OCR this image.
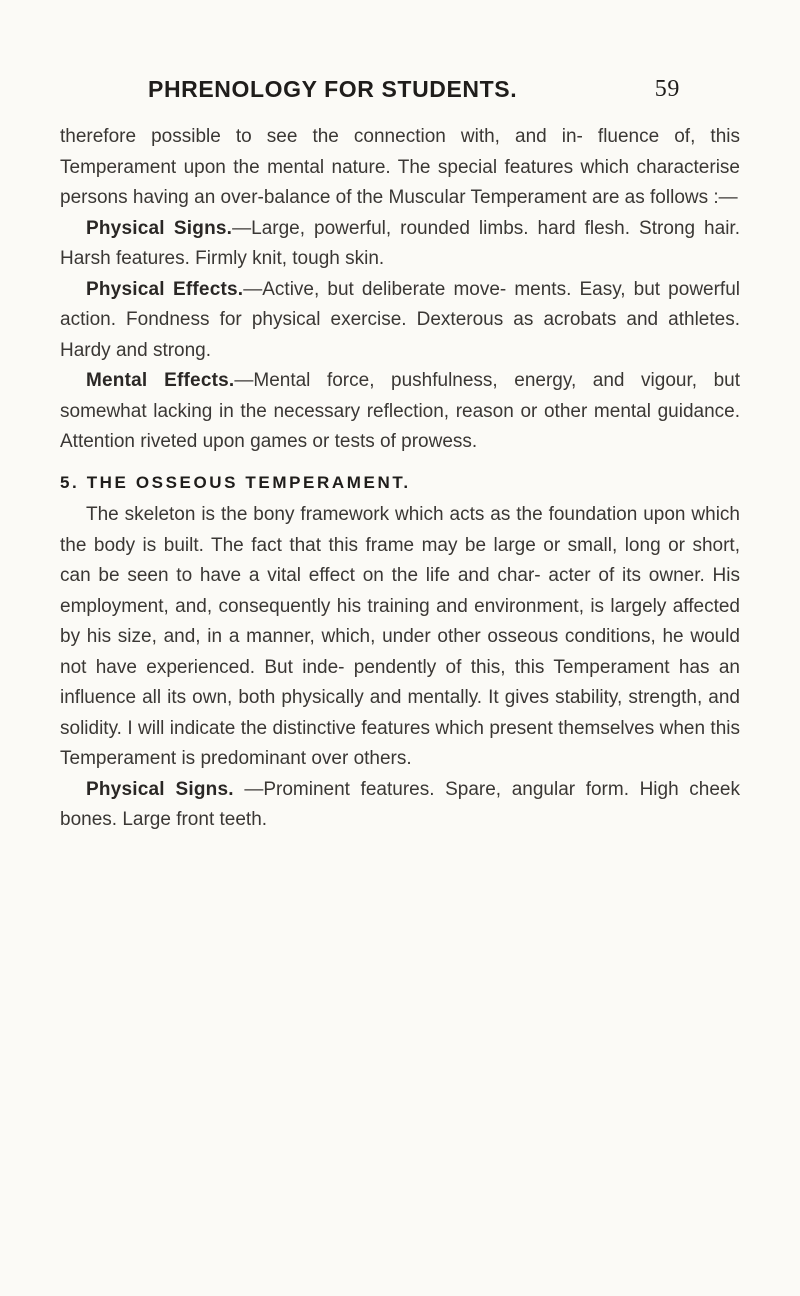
PHRENOLOGY FOR STUDENTS.	59

therefore possible to see the connection with, and in- fluence of, this Temperament upon the mental nature. The special features which characterise persons having an over-balance of the Muscular Temperament are as follows :—

Physical Signs.—Large, powerful, rounded limbs. hard flesh. Strong hair. Harsh features. Firmly knit, tough skin.

Physical Effects.—Active, but deliberate move- ments. Easy, but powerful action. Fondness for physical exercise. Dexterous as acrobats and athletes. Hardy and strong.

Mental Effects.—Mental force, pushfulness, energy, and vigour, but somewhat lacking in the necessary reflection, reason or other mental guidance. Attention riveted upon games or tests of prowess.

5. THE OSSEOUS TEMPERAMENT.

The skeleton is the bony framework which acts as the foundation upon which the body is built. The fact that this frame may be large or small, long or short, can be seen to have a vital effect on the life and char- acter of its owner. His employment, and, consequently his training and environment, is largely affected by his size, and, in a manner, which, under other osseous conditions, he would not have experienced. But inde- pendently of this, this Temperament has an influence all its own, both physically and mentally. It gives stability, strength, and solidity. I will indicate the distinctive features which present themselves when this Temperament is predominant over others.

Physical Signs. —Prominent features. Spare, angular form. High cheek bones. Large front teeth.
